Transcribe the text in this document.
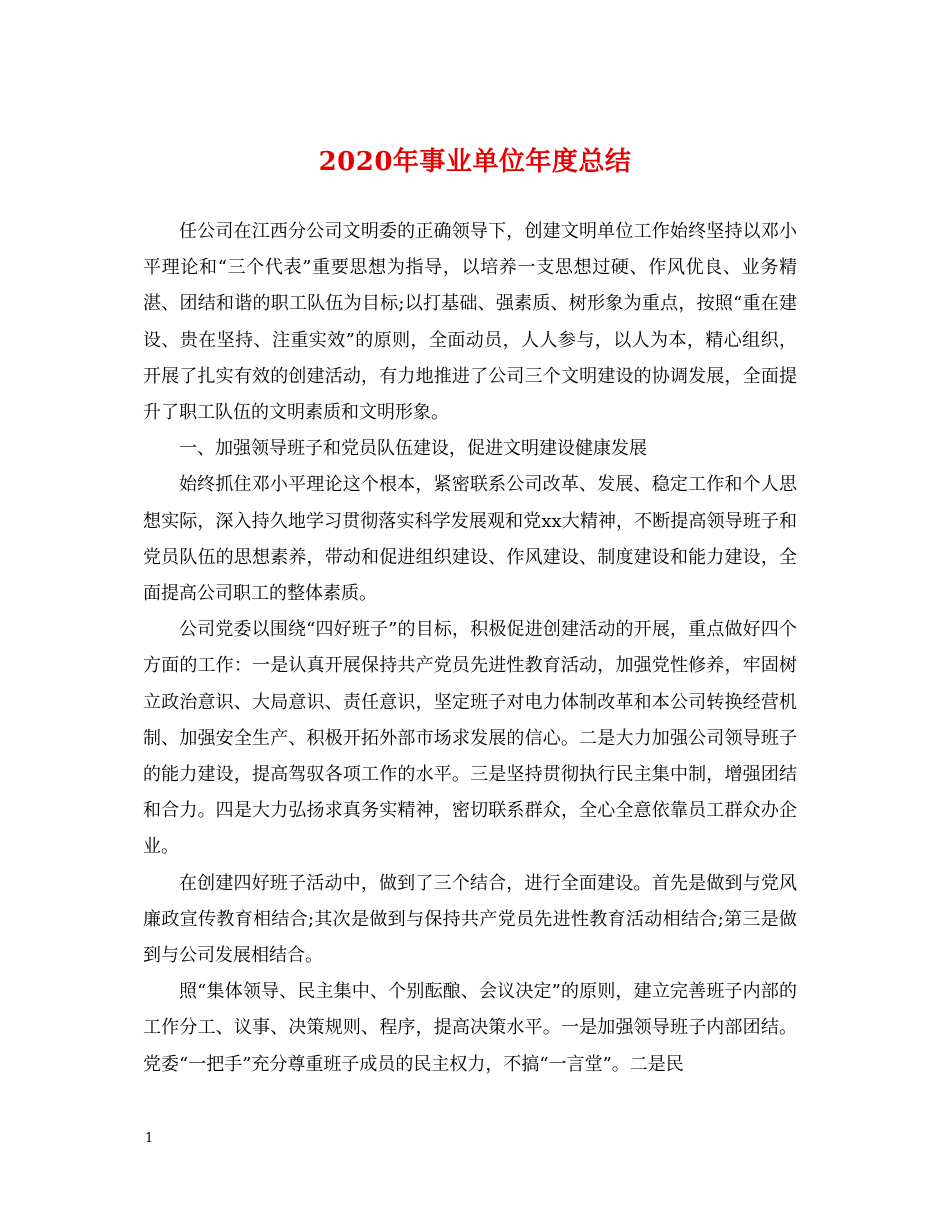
2020年事业单位年度总结

任公司在江西分公司文明委的正确领导下，创建文明单位工作始终坚持以邓小平理论和“三个代表”重要思想为指导，以培养一支思想过硬、作风优良、业务精湛、团结和谐的职工队伍为目标;以打基础、强素质、树形象为重点，按照“重在建设、贵在坚持、注重实效”的原则，全面动员，人人参与，以人为本，精心组织，开展了扎实有效的创建活动，有力地推进了公司三个文明建设的协调发展，全面提升了职工队伍的文明素质和文明形象。

一、加强领导班子和党员队伍建设，促进文明建设健康发展

始终抓住邓小平理论这个根本，紧密联系公司改革、发展、稳定工作和个人思想实际，深入持久地学习贯彻落实科学发展观和党xx大精神，不断提高领导班子和党员队伍的思想素养，带动和促进组织建设、作风建设、制度建设和能力建设，全面提高公司职工的整体素质。

公司党委以围绕“四好班子”的目标，积极促进创建活动的开展，重点做好四个方面的工作：一是认真开展保持共产党员先进性教育活动，加强党性修养，牢固树立政治意识、大局意识、责任意识，坚定班子对电力体制改革和本公司转换经营机制、加强安全生产、积极开拓外部市场求发展的信心。二是大力加强公司领导班子的能力建设，提高驾驭各项工作的水平。三是坚持贯彻执行民主集中制，增强团结和合力。四是大力弘扬求真务实精神，密切联系群众，全心全意依靠员工群众办企业。

在创建四好班子活动中，做到了三个结合，进行全面建设。首先是做到与党风廉政宣传教育相结合;其次是做到与保持共产党员先进性教育活动相结合;第三是做到与公司发展相结合。

照“集体领导、民主集中、个别酝酿、会议决定”的原则，建立完善班子内部的工作分工、议事、决策规则、程序，提高决策水平。一是加强领导班子内部团结。党委“一把手”充分尊重班子成员的民主权力，不搞“一言堂”。二是民

1
